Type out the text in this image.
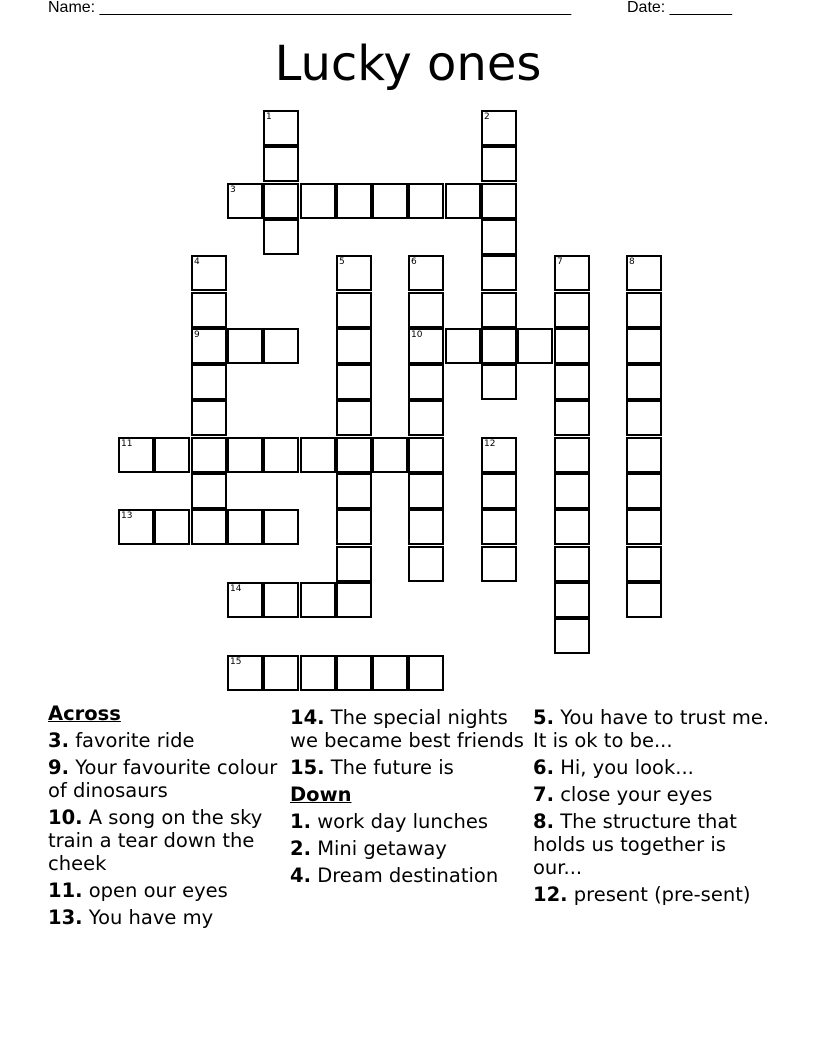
Name: _____________________________________________________	Date: _______
Lucky ones
1	2
3
4	5	6	7	8
9	10
11	12
13
14
15
Across
3. favorite ride
9. Your favourite colour of dinosaurs
10. A song on the sky train a tear down the cheek
11. open our eyes
13. You have my
14. The special nights we became best friends
15. The future is
Down
1. work day lunches
2. Mini getaway
4. Dream destination
5. You have to trust me. It is ok to be...
6. Hi, you look...
7. close your eyes
8. The structure that holds us together is our...
12. present (pre-sent)
